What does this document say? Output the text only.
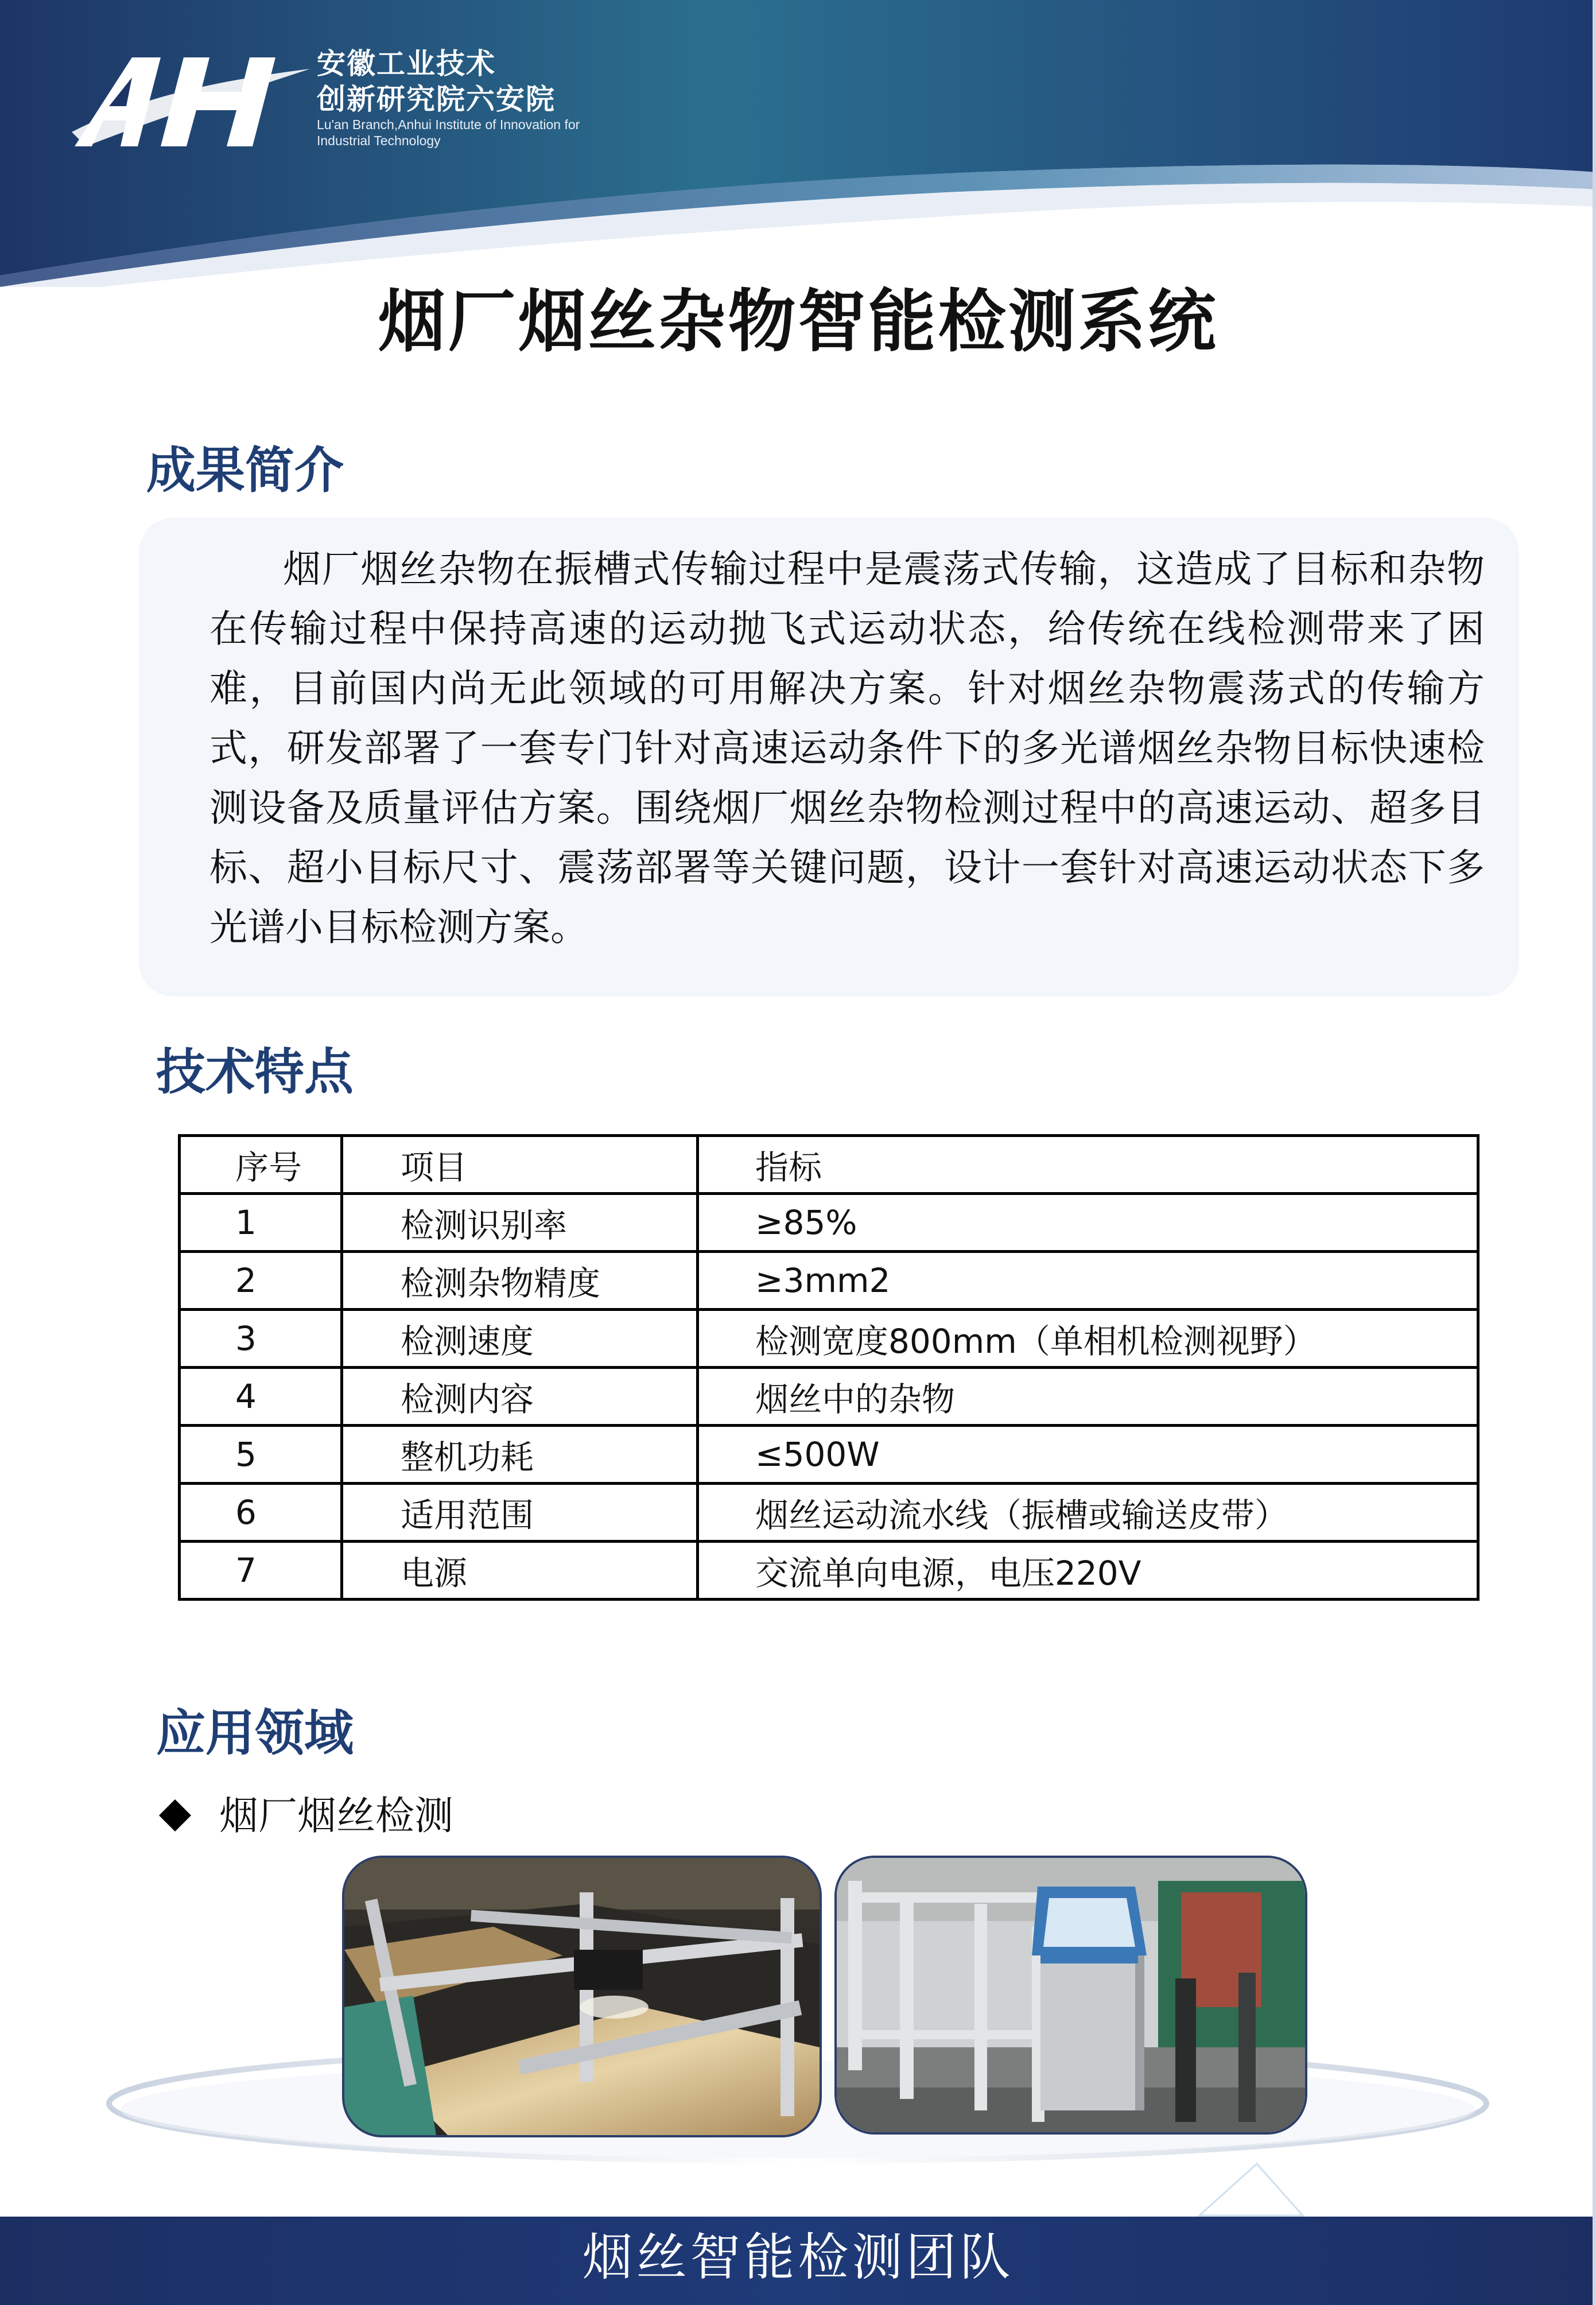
安徽工业技术
创新研究院六安院
Lu'an Branch,Anhui Institute of Innovation for
Industrial Technology
烟厂烟丝杂物智能检测系统
成果简介
烟厂烟丝杂物在振槽式传输过程中是震荡式传输，这造成了目标和杂物在传输过程中保持高速的运动抛飞式运动状态，给传统在线检测带来了困难，目前国内尚无此领域的可用解决方案。针对烟丝杂物震荡式的传输方式，研发部署了一套专门针对高速运动条件下的多光谱烟丝杂物目标快速检测设备及质量评估方案。围绕烟厂烟丝杂物检测过程中的高速运动、超多目标、超小目标尺寸、震荡部署等关键问题，设计一套针对高速运动状态下多光谱小目标检测方案。
技术特点
序号	项目	指标
1	检测识别率	≥85%
2	检测杂物精度	≥3mm2
3	检测速度	检测宽度800mm（单相机检测视野）
4	检测内容	烟丝中的杂物
5	整机功耗	≤500W
6	适用范围	烟丝运动流水线（振槽或输送皮带）
7	电源	交流单向电源，电压220V
应用领域
烟厂烟丝检测
烟丝智能检测团队
